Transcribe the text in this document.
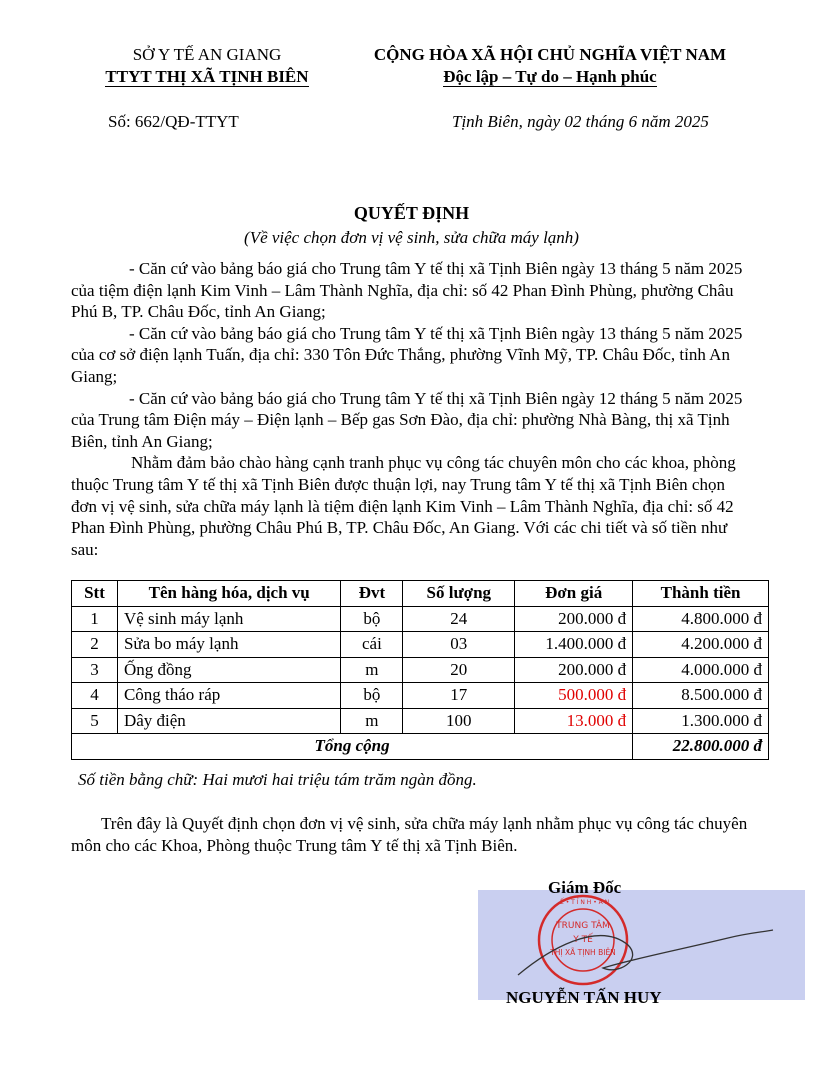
SỞ Y TẾ AN GIANG
TTYT THỊ XÃ TỊNH BIÊN
CỘNG HÒA XÃ HỘI CHỦ NGHĨA VIỆT NAM
Độc lập – Tự do – Hạnh phúc
Số: 662/QĐ-TTYT	Tịnh Biên, ngày 02 tháng 6 năm 2025
QUYẾT ĐỊNH
(Về việc chọn đơn vị vệ sinh, sửa chữa máy lạnh)

- Căn cứ vào bảng báo giá cho Trung tâm Y tế thị xã Tịnh Biên ngày 13 tháng 5 năm 2025 của tiệm điện lạnh Kim Vinh – Lâm Thành Nghĩa, địa chỉ: số 42 Phan Đình Phùng, phường Châu Phú B, TP. Châu Đốc, tỉnh An Giang;

- Căn cứ vào bảng báo giá cho Trung tâm Y tế thị xã Tịnh Biên ngày 13 tháng 5 năm 2025 của cơ sở điện lạnh Tuấn, địa chỉ: 330 Tôn Đức Thắng, phường Vĩnh Mỹ, TP. Châu Đốc, tỉnh An Giang;

- Căn cứ vào bảng báo giá cho Trung tâm Y tế thị xã Tịnh Biên ngày 12 tháng 5 năm 2025 của Trung tâm Điện máy – Điện lạnh – Bếp gas Sơn Đào, địa chỉ: phường Nhà Bàng, thị xã Tịnh Biên, tỉnh An Giang;

Nhằm đảm bảo chào hàng cạnh tranh phục vụ công tác chuyên môn cho các khoa, phòng thuộc Trung tâm Y tế thị xã Tịnh Biên được thuận lợi, nay Trung tâm Y tế thị xã Tịnh Biên chọn đơn vị vệ sinh, sửa chữa máy lạnh là tiệm điện lạnh Kim Vinh – Lâm Thành Nghĩa, địa chỉ: số 42 Phan Đình Phùng, phường Châu Phú B, TP. Châu Đốc, An Giang. Với các chi tiết và số tiền như sau:

Stt	Tên hàng hóa, dịch vụ	Đvt	Số lượng	Đơn giá	Thành tiền
1	Vệ sinh máy lạnh	bộ	24	200.000 đ	4.800.000 đ
2	Sửa bo máy lạnh	cái	03	1.400.000 đ	4.200.000 đ
3	Ống đồng	m	20	200.000 đ	4.000.000 đ
4	Công tháo ráp	bộ	17	500.000 đ	8.500.000 đ
5	Dây điện	m	100	13.000 đ	1.300.000 đ
Tổng cộng					22.800.000 đ
Số tiền bằng chữ: Hai mươi hai triệu tám trăm ngàn đồng.
Trên đây là Quyết định chọn đơn vị vệ sinh, sửa chữa máy lạnh nhằm phục vụ công tác chuyên môn cho các Khoa, Phòng thuộc Trung tâm Y tế thị xã Tịnh Biên.
TRUNG TÂM
Y TẾ
THỊ XÃ TỊNH BIÊN
Ế • T Ỉ N H • A N
Giám Đốc
NGUYỄN TẤN HUY
